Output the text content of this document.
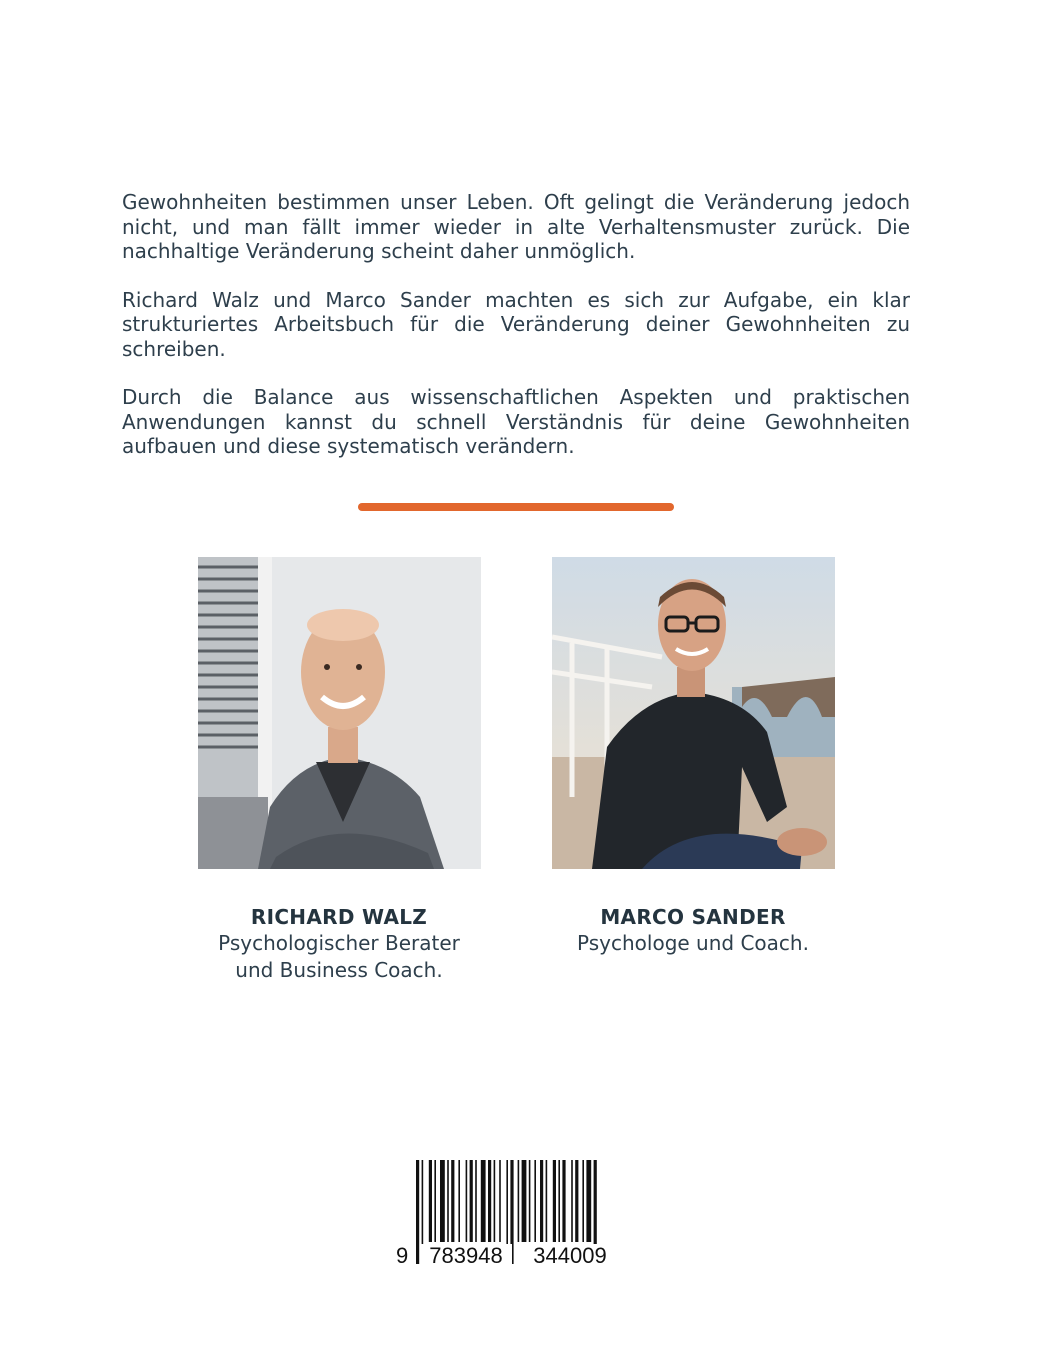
Gewohnheiten bestimmen unser Leben. Oft gelingt die Veränderung jedoch nicht, und man fällt immer wieder in alte Verhaltensmuster zurück. Die nachhaltige Veränderung scheint daher unmöglich.

Richard Walz und Marco Sander machten es sich zur Aufgabe, ein klar strukturiertes Arbeitsbuch für die Veränderung deiner Gewohnheiten zu schreiben.

Durch die Balance aus wissenschaftlichen Aspekten und praktischen Anwendungen kannst du schnell Verständnis für deine Gewohnheiten aufbauen und diese systematisch verändern.

RICHARD WALZ
Psychologischer Berater
und Business Coach.
MARCO SANDER
Psychologe und Coach.
9 783948	344009
